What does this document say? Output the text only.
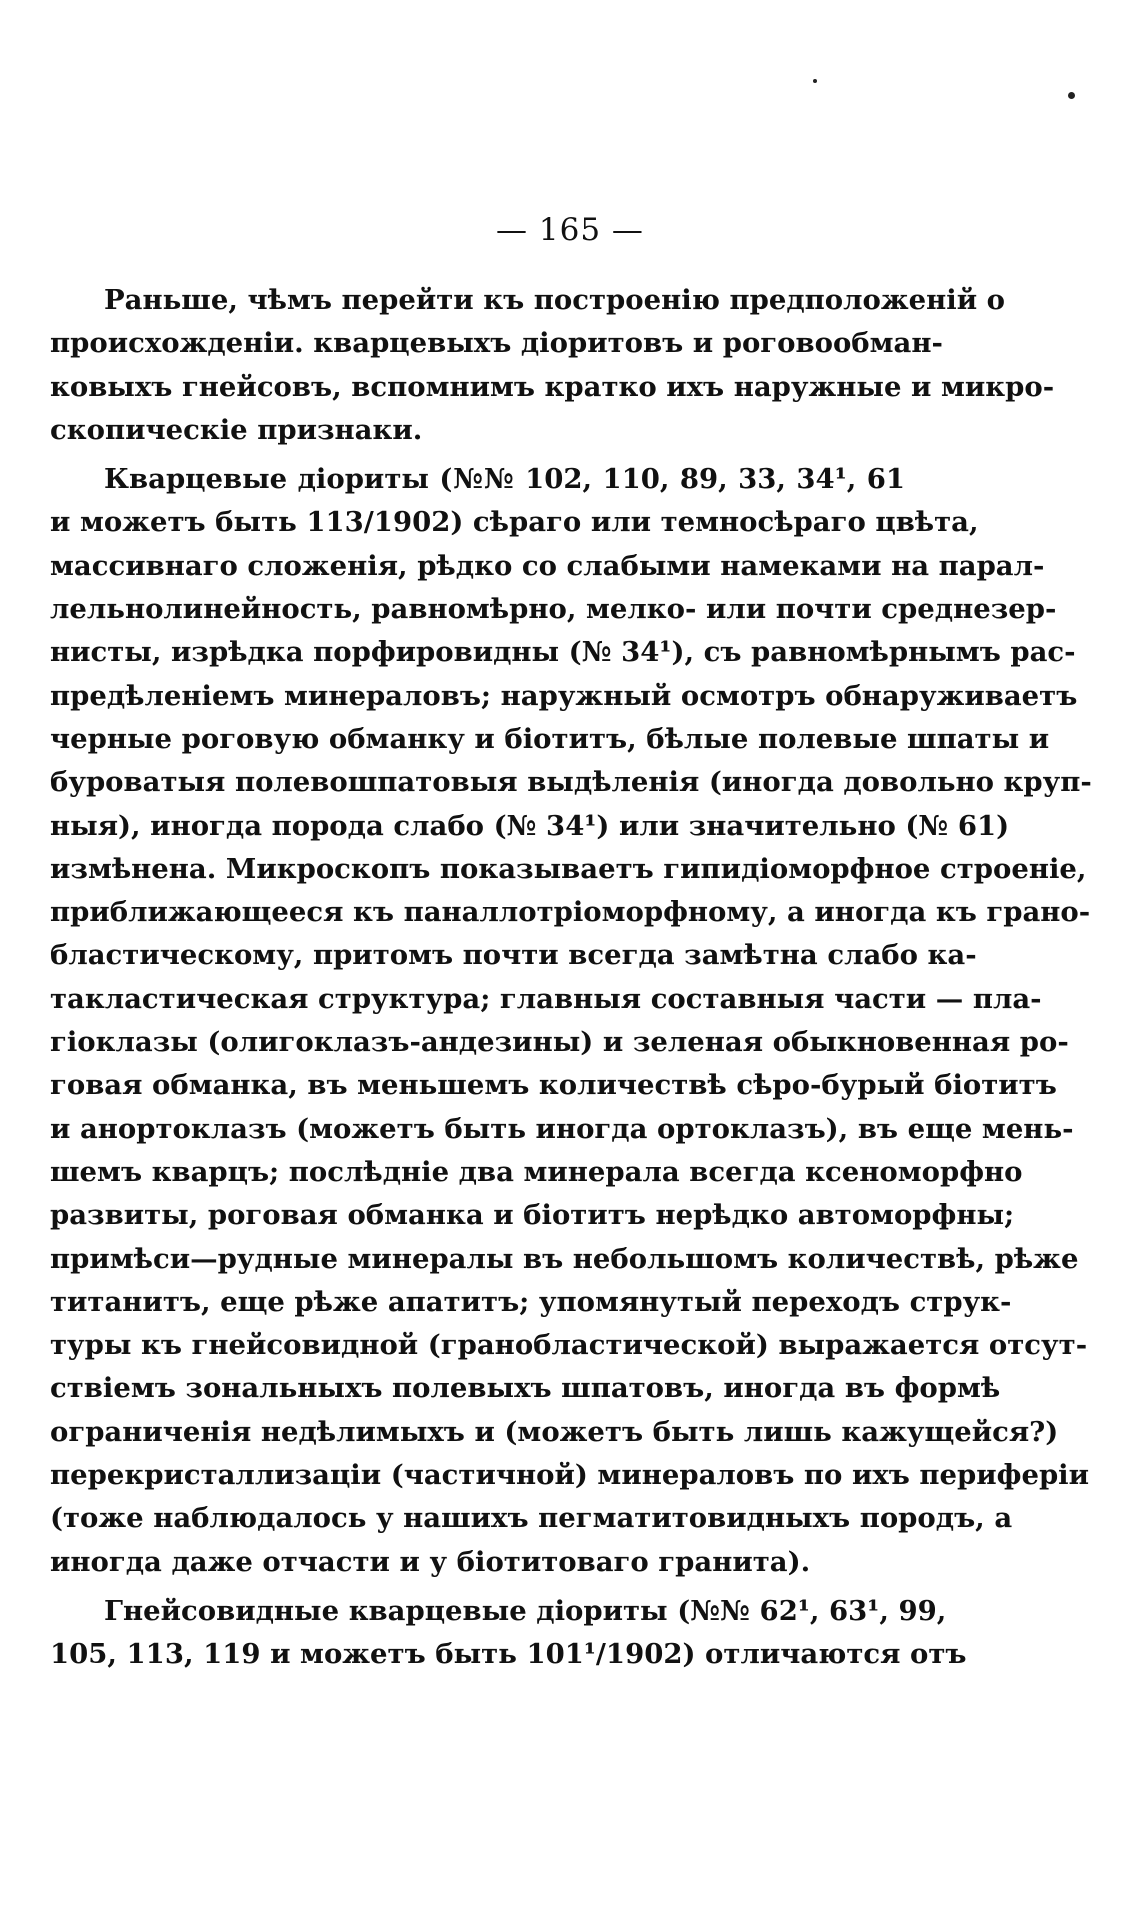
— 165 —
Раньше, чѣмъ перейти къ построенію предположеній о
происхожденіи. кварцевыхъ діоритовъ и роговообман-
ковыхъ гнейсовъ, вспомнимъ кратко ихъ наружные и микро-
скопическіе признаки.
Кварцевые діориты (№№ 102, 110, 89, 33, 34¹, 61
и можетъ быть 113/1902) сѣраго или темносѣраго цвѣта,
массивнаго сложенія, рѣдко со слабыми намеками на парал-
лельнолинейность, равномѣрно, мелко- или почти среднезер-
нисты, изрѣдка порфировидны (№ 34¹), съ равномѣрнымъ рас-
предѣленіемъ минераловъ; наружный осмотръ обнаруживаетъ
черные роговую обманку и біотитъ, бѣлые полевые шпаты и
буроватыя полевошпатовыя выдѣленія (иногда довольно круп-
ныя), иногда порода слабо (№ 34¹) или значительно (№ 61)
измѣнена. Микроскопъ показываетъ гипидіоморфное строеніе,
приближающееся къ паналлотріоморфному, а иногда къ грано-
бластическому, притомъ почти всегда замѣтна слабо ка-
такластическая структура; главныя составныя части — пла-
гіоклазы (олигоклазъ-андезины) и зеленая обыкновенная ро-
говая обманка, въ меньшемъ количествѣ сѣро-бурый біотитъ
и анортоклазъ (можетъ быть иногда ортоклазъ), въ еще мень-
шемъ кварцъ; послѣдніе два минерала всегда ксеноморфно
развиты, роговая обманка и біотитъ нерѣдко автоморфны;
примѣси—рудные минералы въ небольшомъ количествѣ, рѣже
титанитъ, еще рѣже апатитъ; упомянутый переходъ струк-
туры къ гнейсовидной (гранобластической) выражается отсут-
ствіемъ зональныхъ полевыхъ шпатовъ, иногда въ формѣ
ограниченія недѣлимыхъ и (можетъ быть лишь кажущейся?)
перекристаллизаціи (частичной) минераловъ по ихъ периферіи
(тоже наблюдалось у нашихъ пегматитовидныхъ породъ, а
иногда даже отчасти и у біотитоваго гранита).
Гнейсовидные кварцевые діориты (№№ 62¹, 63¹, 99,
105, 113, 119 и можетъ быть 101¹/1902) отличаются отъ
